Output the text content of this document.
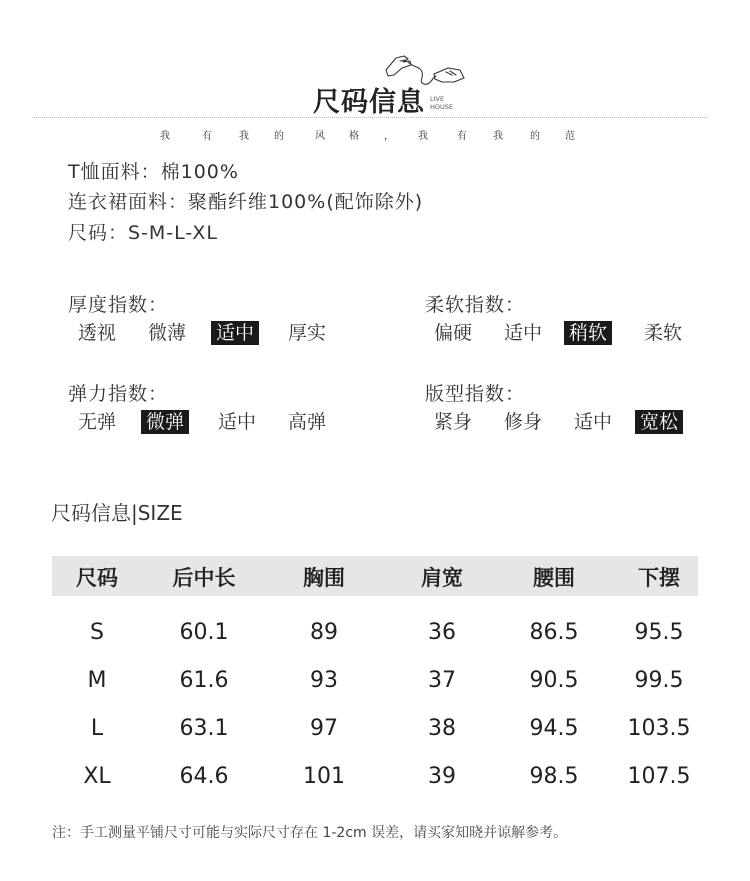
尺码信息 LIVE
HOUSE
我	有	我	的	风 格	， 我	有	我	的	范
T恤面料：棉100%
连衣裙面料：聚酯纤维100%(配饰除外)
尺码：S-M-L-XL
厚度指数：
透视 微薄 适中 厚实
柔软指数：
偏硬 适中 稍软 柔软
弹力指数：
无弹 微弹 适中 高弹
版型指数：
紧身 修身 适中 宽松
尺码信息|SIZE
尺码	后中长	胸围	肩宽	腰围	下摆
S	60.1	89	36	86.5	95.5
M	61.6	93	37	90.5	99.5
L	63.1	97	38	94.5 103.5
XL	64.6	101	39	98.5 107.5
注：手工测量平铺尺寸可能与实际尺寸存在 1-2cm 误差，请买家知晓并谅解参考。
